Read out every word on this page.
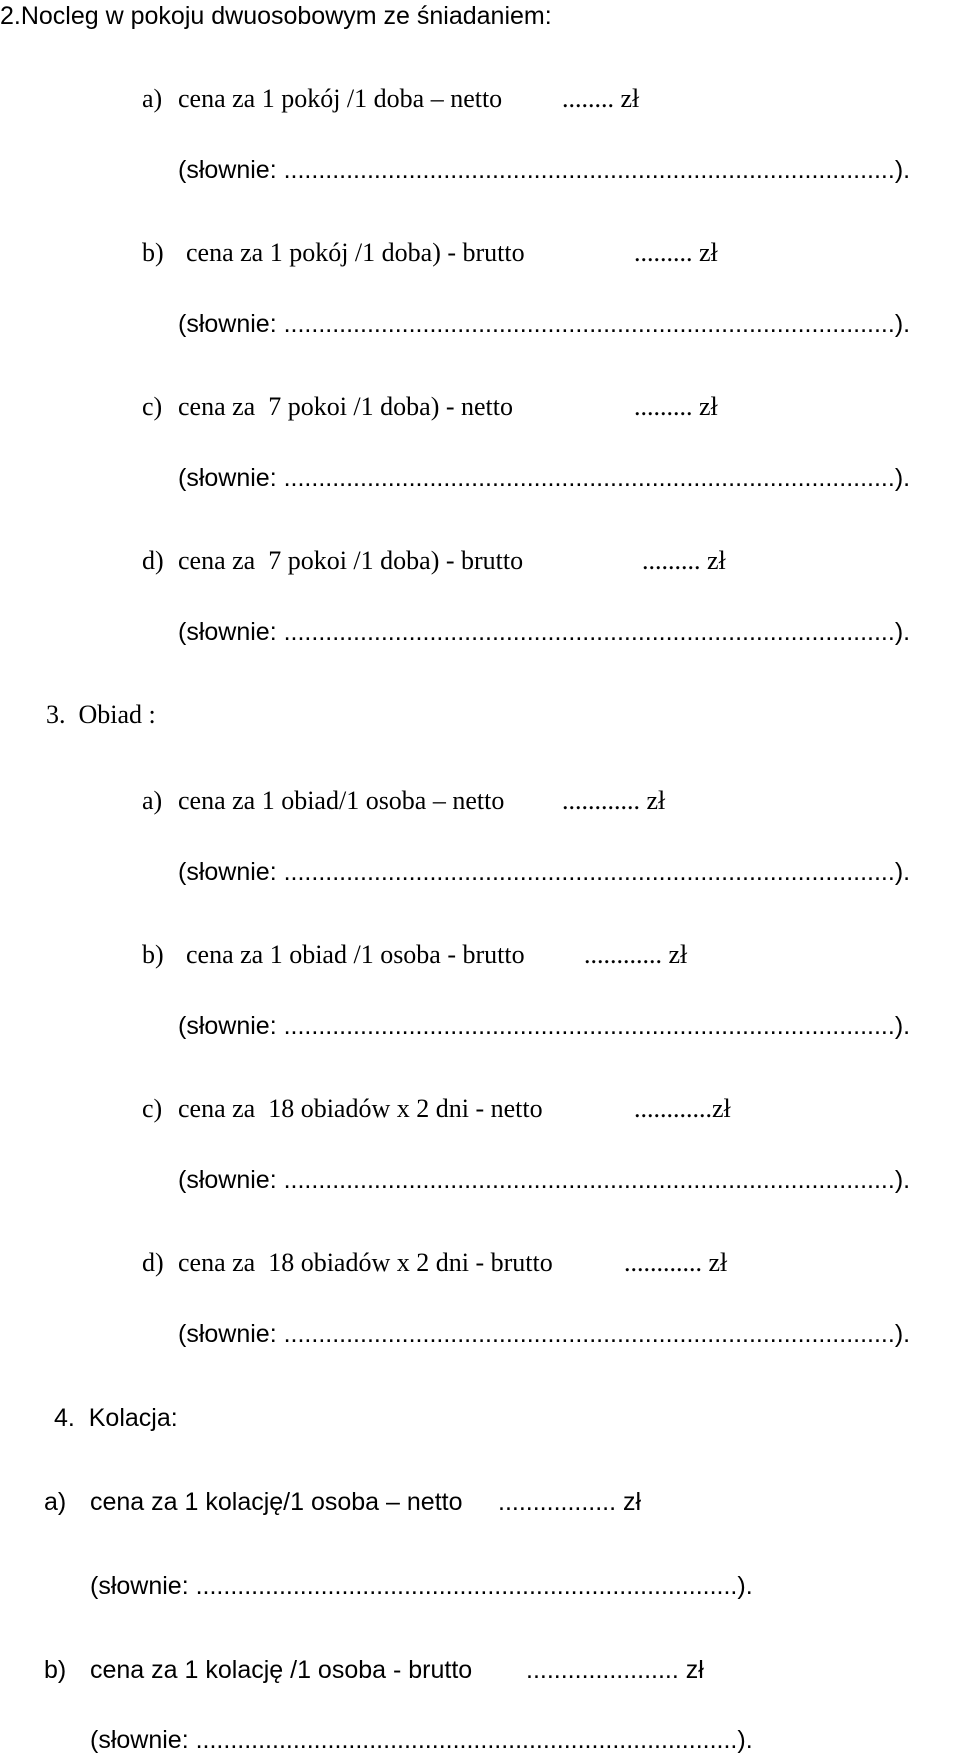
2.Nocleg w pokoju dwuosobowym ze śniadaniem:
a) cena za 1 pokój /1 doba – netto ........ zł
(słownie: ........................................................................................).
b) cena za 1 pokój /1 doba) - brutto	......... zł
(słownie: ........................................................................................).
c) cena za  7 pokoi /1 doba) - netto	......... zł
(słownie: ........................................................................................).
d) cena za  7 pokoi /1 doba) - brutto	......... zł
(słownie: ........................................................................................).
3.  Obiad :
a) cena za 1 obiad/1 osoba – netto ............ zł
(słownie: ........................................................................................).
b) cena za 1 obiad /1 osoba - brutto ............ zł
(słownie: ........................................................................................).
c) cena za  18 obiadów x 2 dni - netto	............zł
(słownie: ........................................................................................).
d) cena za  18 obiadów x 2 dni - brutto	............ zł
(słownie: ........................................................................................).
4.  Kolacja:
a) cena za 1 kolację/1 osoba – netto ................. zł
(słownie: ..............................................................................).
b) cena za 1 kolację /1 osoba - brutto ...................... zł
(słownie: ..............................................................................).
